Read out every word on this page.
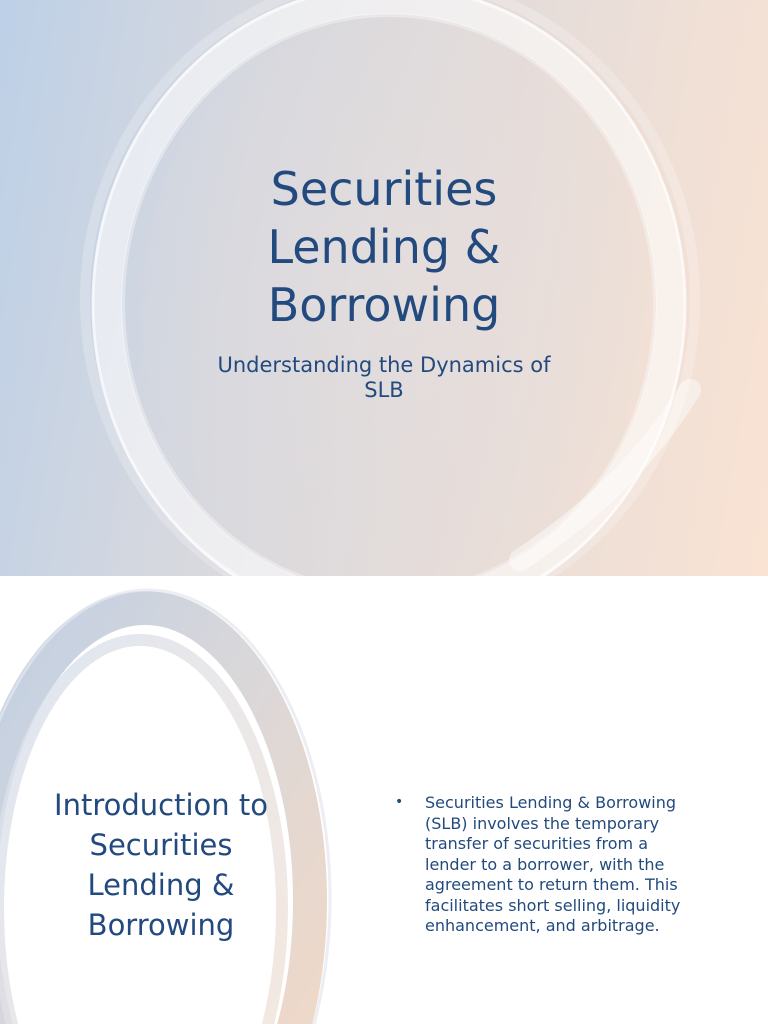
Securities Lending & Borrowing

Understanding the Dynamics of SLB

Introduction to Securities Lending & Borrowing
• Securities Lending & Borrowing (SLB) involves the temporary transfer of securities from a lender to a borrower, with the agreement to return them. This facilitates short selling, liquidity enhancement, and arbitrage.
